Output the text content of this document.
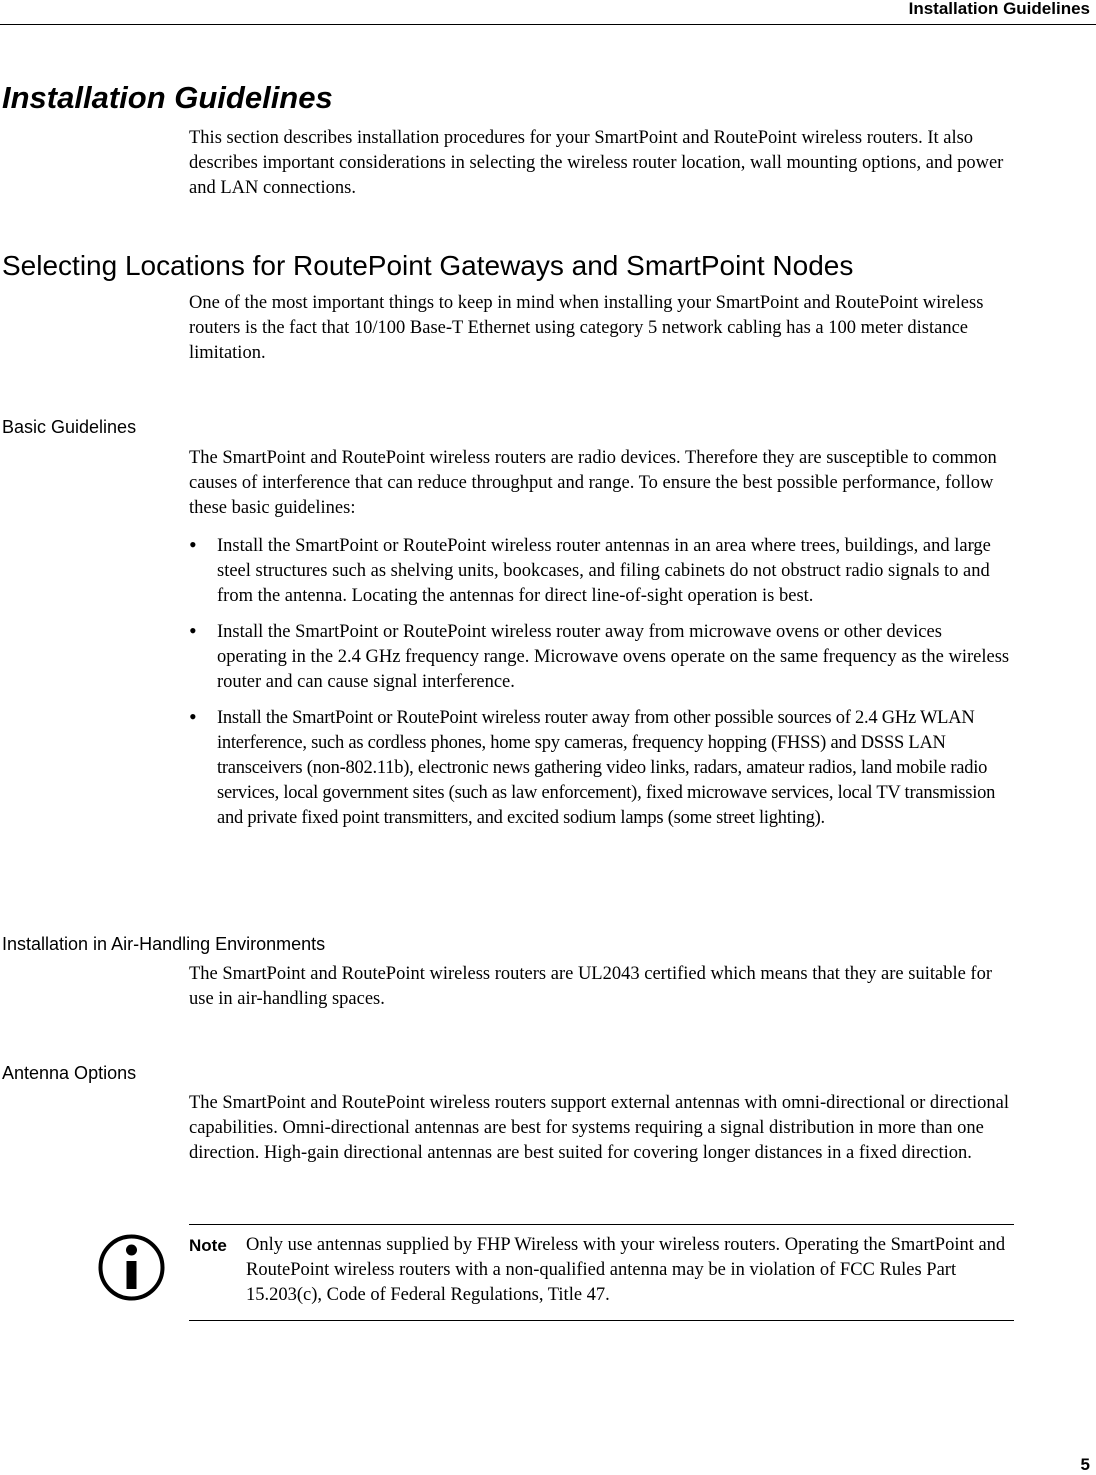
Installation Guidelines
Installation Guidelines

This section describes installation procedures for your SmartPoint and RoutePoint wireless routers. It also describes important considerations in selecting the wireless router location, wall mounting options, and power and LAN connections.

Selecting Locations for RoutePoint Gateways and SmartPoint Nodes

One of the most important things to keep in mind when installing your SmartPoint and RoutePoint wireless routers is the fact that 10/100 Base-T Ethernet using category 5 network cabling has a 100 meter distance limitation.

Basic Guidelines

The SmartPoint and RoutePoint wireless routers are radio devices. Therefore they are susceptible to common causes of interference that can reduce throughput and range. To ensure the best possible performance, follow these basic guidelines:

• Install the SmartPoint or RoutePoint wireless router antennas in an area where trees, buildings, and large steel structures such as shelving units, bookcases, and filing cabinets do not obstruct radio signals to and from the antenna. Locating the antennas for direct line-of-sight operation is best.
• Install the SmartPoint or RoutePoint wireless router away from microwave ovens or other devices operating in the 2.4 GHz frequency range. Microwave ovens operate on the same frequency as the wireless router and can cause signal interference.
• Install the SmartPoint or RoutePoint wireless router away from other possible sources of 2.4 GHz WLAN interference, such as cordless phones, home spy cameras, frequency hopping (FHSS) and DSSS LAN transceivers (non-802.11b), electronic news gathering video links, radars, amateur radios, land mobile radio services, local government sites (such as law enforcement), fixed microwave services, local TV transmission and private fixed point transmitters, and excited sodium lamps (some street lighting).
Installation in Air-Handling Environments

The SmartPoint and RoutePoint wireless routers are UL2043 certified which means that they are suitable for use in air-handling spaces.

Antenna Options

The SmartPoint and RoutePoint wireless routers support external antennas with omni-directional or directional capabilities. Omni-directional antennas are best for systems requiring a signal distribution in more than one direction. High-gain directional antennas are best suited for covering longer distances in a fixed direction.

Note Only use antennas supplied by FHP Wireless with your wireless routers. Operating the SmartPoint and RoutePoint wireless routers with a non-qualified antenna may be in violation of FCC Rules Part 15.203(c), Code of Federal Regulations, Title 47.

5
